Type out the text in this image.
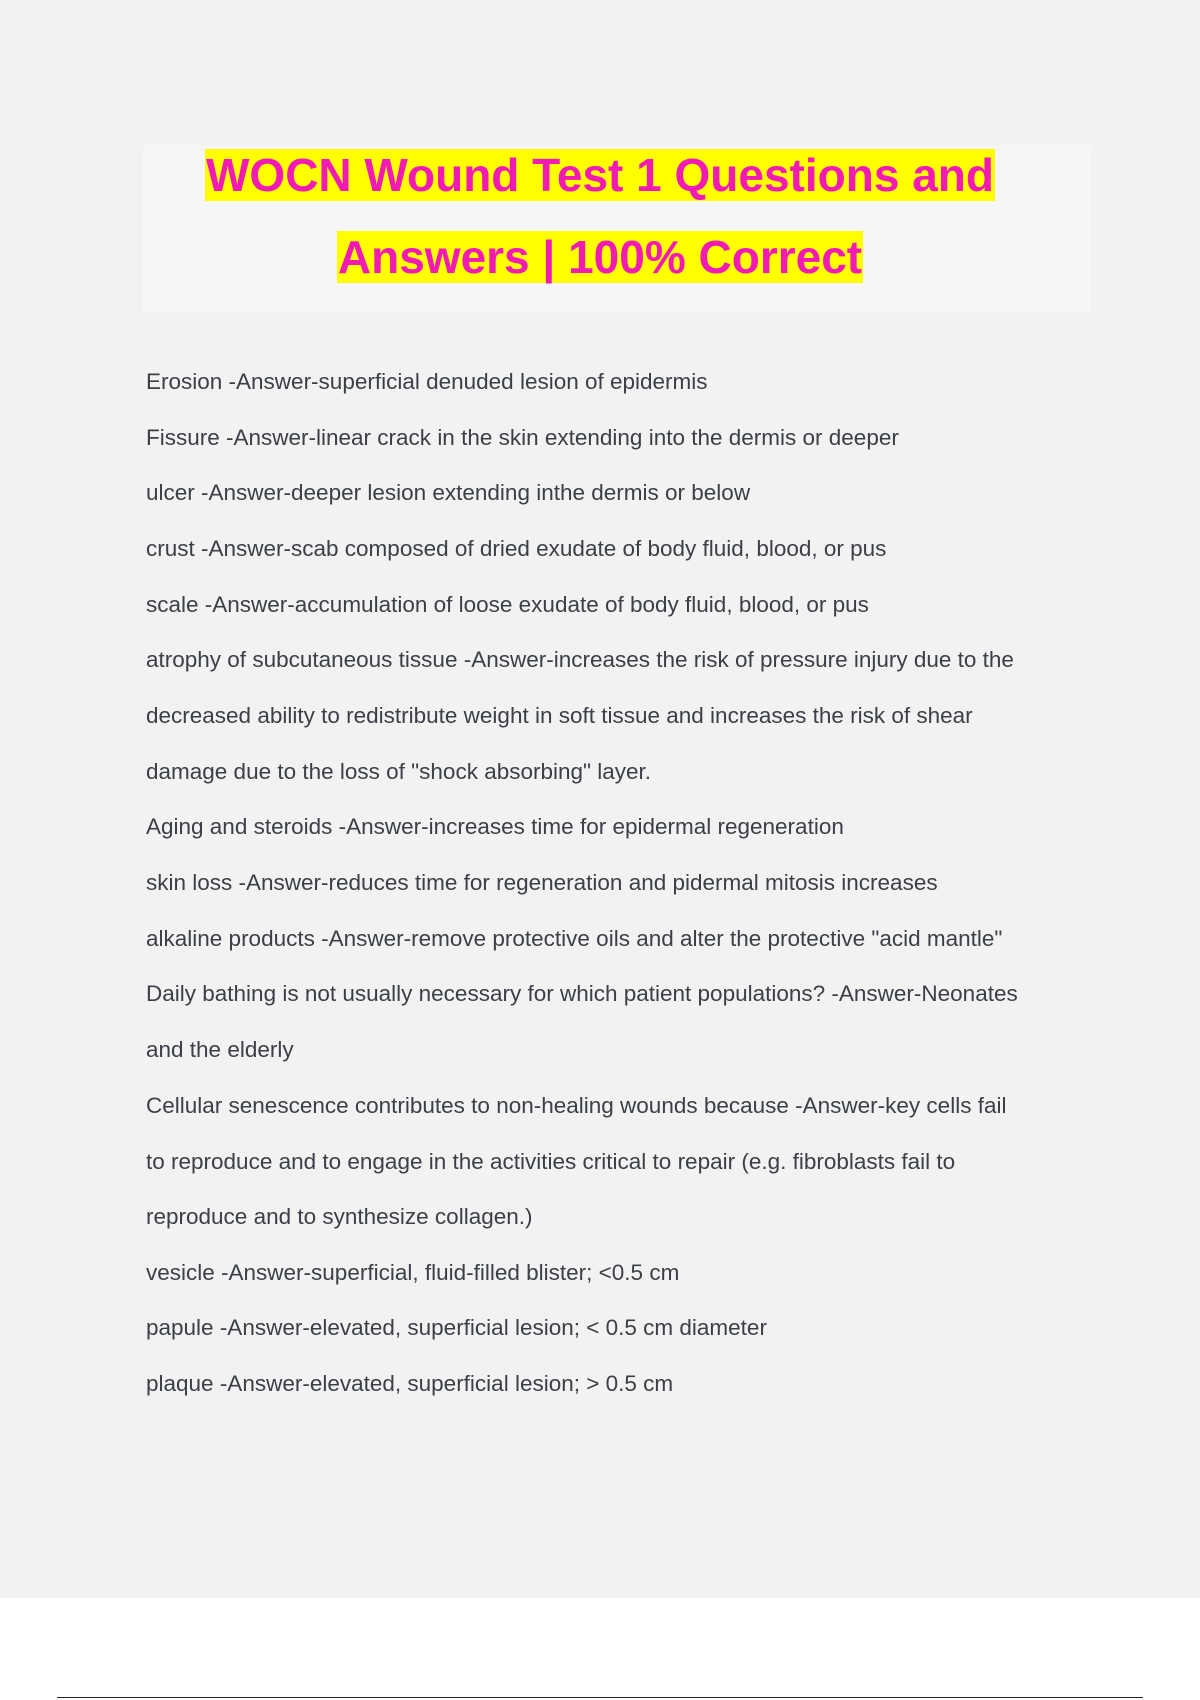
WOCN Wound Test 1 Questions and
Answers | 100% Correct

Erosion -Answer-superficial denuded lesion of epidermis

Fissure -Answer-linear crack in the skin extending into the dermis or deeper

ulcer -Answer-deeper lesion extending inthe dermis or below

crust -Answer-scab composed of dried exudate of body fluid, blood, or pus

scale -Answer-accumulation of loose exudate of body fluid, blood, or pus

atrophy of subcutaneous tissue -Answer-increases the risk of pressure injury due to the

decreased ability to redistribute weight in soft tissue and increases the risk of shear

damage due to the loss of "shock absorbing" layer.

Aging and steroids -Answer-increases time for epidermal regeneration

skin loss -Answer-reduces time for regeneration and pidermal mitosis increases

alkaline products -Answer-remove protective oils and alter the protective "acid mantle"

Daily bathing is not usually necessary for which patient populations? -Answer-Neonates

and the elderly

Cellular senescence contributes to non-healing wounds because -Answer-key cells fail

to reproduce and to engage in the activities critical to repair (e.g. fibroblasts fail to

reproduce and to synthesize collagen.)

vesicle -Answer-superficial, fluid-filled blister; <0.5 cm

papule -Answer-elevated, superficial lesion; < 0.5 cm diameter

plaque -Answer-elevated, superficial lesion; > 0.5 cm
